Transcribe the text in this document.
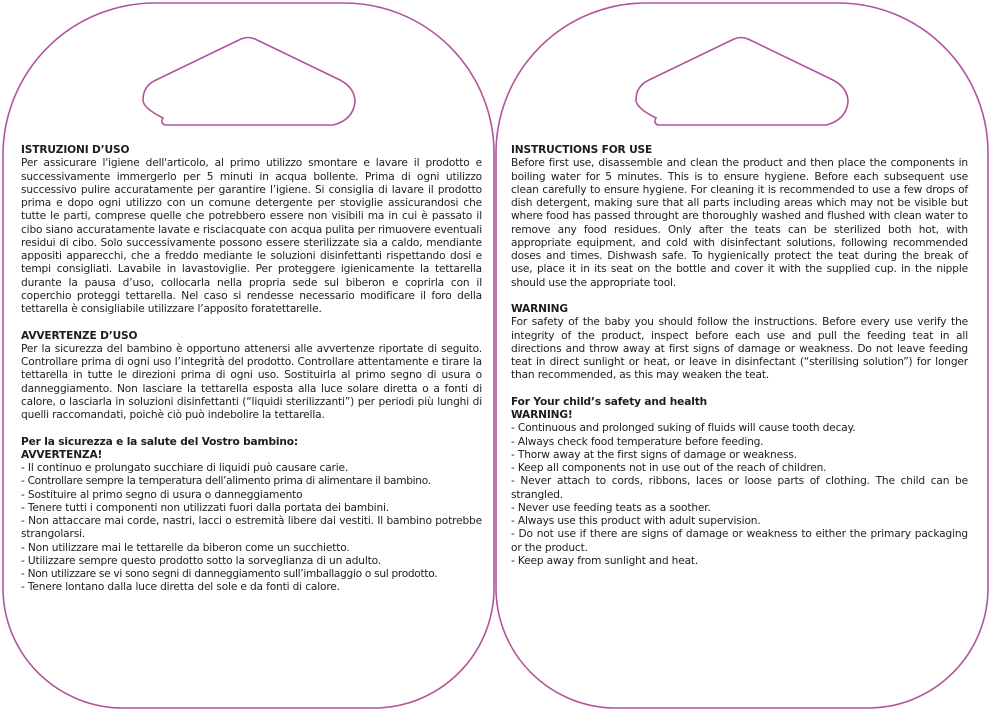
ISTRUZIONI D’USO
Per assicurare l'igiene dell'articolo, al primo utilizzo smontare e lavare il prodotto e successivamente immergerlo per 5 minuti in acqua bollente. Prima di ogni utilizzo successivo pulire accuratamente per garantire l’igiene. Si consiglia di lavare il prodotto prima e dopo ogni utilizzo con un comune detergente per stoviglie assicurandosi che tutte le parti, comprese quelle che potrebbero essere non visibili ma in cui è passato il cibo siano accuratamente lavate e risciacquate con acqua pulita per rimuovere eventuali residui di cibo. Solo successivamente possono essere sterilizzate sia a caldo, mendiante appositi apparecchi, che a freddo mediante le soluzioni disinfettanti rispettando dosi e tempi consigliati. Lavabile in lavastoviglie. Per proteggere igienicamente la tettarella durante la pausa d’uso, collocarla nella propria sede sul biberon e coprirla con il coperchio proteggi tettarella. Nel caso si rendesse necessario modificare il foro della tettarella è consigliabile utilizzare l’apposito foratettarelle.
AVVERTENZE D’USO
Per la sicurezza del bambino è opportuno attenersi alle avvertenze riportate di seguito. Controllare prima di ogni uso I’integrità del prodotto. Controllare attentamente e tirare la tettarella in tutte le direzioni prima di ogni uso. Sostituirla al primo segno di usura o danneggiamento. Non lasciare la tettarella esposta alla luce solare diretta o a fonti di calore, o lasciarla in soluzioni disinfettanti (“liquidi sterilizzanti”) per periodi più lunghi di quelli raccomandati, poichè ciò può indebolire la tettarella.
Per la sicurezza e la salute del Vostro bambino:
AVVERTENZA!
- Il continuo e prolungato succhiare di liquidi può causare carie.
- Controllare sempre la temperatura dell’alimento prima di alimentare il bambino.
- Sostituire al primo segno di usura o danneggiamento
- Tenere tutti i componenti non utilizzati fuori dalla portata dei bambini.
- Non attaccare mai corde, nastri, lacci o estremità libere dai vestiti. Il bambino potrebbe strangolarsi.
- Non utilizzare mai le tettarelle da biberon come un succhietto.
- Utilizzare sempre questo prodotto sotto la sorveglianza di un adulto.
- Non utilizzare se vi sono segni di danneggiamento sull’imballaggio o sul prodotto.
- Tenere lontano dalla luce diretta del sole e da fonti di calore.
INSTRUCTIONS FOR USE
Before first use, disassemble and clean the product and then place the components in boiling water for 5 minutes. This is to ensure hygiene. Before each subsequent use clean carefully to ensure hygiene. For cleaning it is recommended to use a few drops of dish detergent, making sure that all parts including areas which may not be visible but where food has passed throught are thoroughly washed and flushed with clean water to remove any food residues. Only after the teats can be sterilized both hot, with appropriate equipment, and cold with disinfectant solutions, following recommended doses and times. Dishwash safe. To hygienically protect the teat during the break of use, place it in its seat on the bottle and cover it with the supplied cup. in the nipple should use the appropriate tool.
WARNING
For safety of the baby you should follow the instructions. Before every use verify the integrity of the product, inspect before each use and pull the feeding teat in all directions and throw away at first signs of damage or weakness. Do not leave feeding teat in direct sunlight or heat, or leave in disinfectant (“sterilising solution”) for longer than recommended, as this may weaken the teat.
For Your child’s safety and health
WARNING!
- Continuous and prolonged suking of fluids will cause tooth decay.
- Always check food temperature before feeding.
- Thorw away at the first signs of damage or weakness.
- Keep all components not in use out of the reach of children.
- Never attach to cords, ribbons, laces or loose parts of clothing. The child can be strangled.
- Never use feeding teats as a soother.
- Always use this product with adult supervision.
- Do not use if there are signs of damage or weakness to either the primary packaging or the product.
- Keep away from sunlight and heat.
